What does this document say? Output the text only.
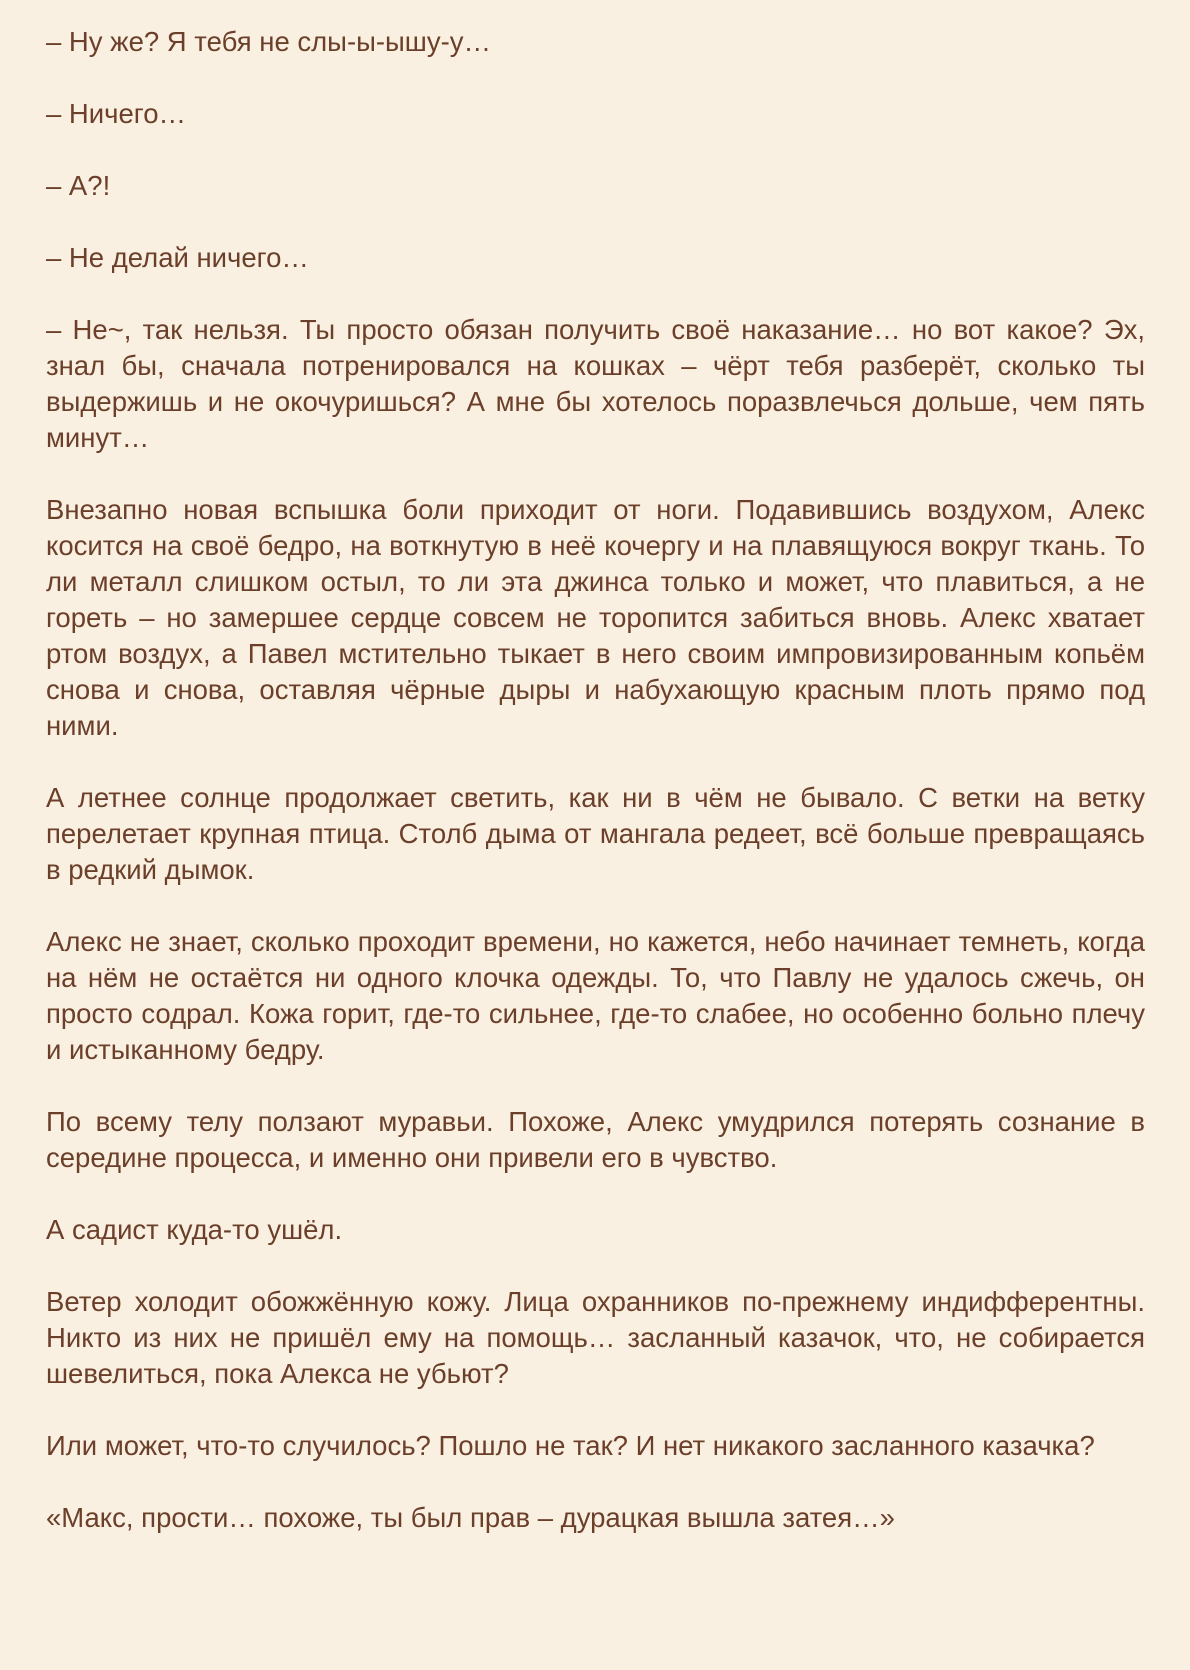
– Ну же? Я тебя не слы-ы-ышу-у…

– Ничего…

– А?!

– Не делай ничего…

– Не~, так нельзя. Ты просто обязан получить своё наказание… но вот какое? Эх, знал бы, сначала потренировался на кошках – чёрт тебя разберёт, сколько ты выдержишь и не окочуришься? А мне бы хотелось поразвлечься дольше, чем пять минут…

Внезапно новая вспышка боли приходит от ноги. Подавившись воздухом, Алекс косится на своё бедро, на воткнутую в неё кочергу и на плавящуюся вокруг ткань. То ли металл слишком остыл, то ли эта джинса только и может, что плавиться, а не гореть – но замершее сердце совсем не торопится забиться вновь. Алекс хватает ртом воздух, а Павел мстительно тыкает в него своим импровизированным копьём снова и снова, оставляя чёрные дыры и набухающую красным плоть прямо под ними.

А летнее солнце продолжает светить, как ни в чём не бывало. С ветки на ветку перелетает крупная птица. Столб дыма от мангала редеет, всё больше превращаясь в редкий дымок.

Алекс не знает, сколько проходит времени, но кажется, небо начинает темнеть, когда на нём не остаётся ни одного клочка одежды. То, что Павлу не удалось сжечь, он просто содрал. Кожа горит, где-то сильнее, где-то слабее, но особенно больно плечу и истыканному бедру.

По всему телу ползают муравьи. Похоже, Алекс умудрился потерять сознание в середине процесса, и именно они привели его в чувство.

А садист куда-то ушёл.

Ветер холодит обожжённую кожу. Лица охранников по-прежнему индифферентны. Никто из них не пришёл ему на помощь… засланный казачок, что, не собирается шевелиться, пока Алекса не убьют?

Или может, что-то случилось? Пошло не так? И нет никакого засланного казачка?

«Макс, прости… похоже, ты был прав – дурацкая вышла затея…»
